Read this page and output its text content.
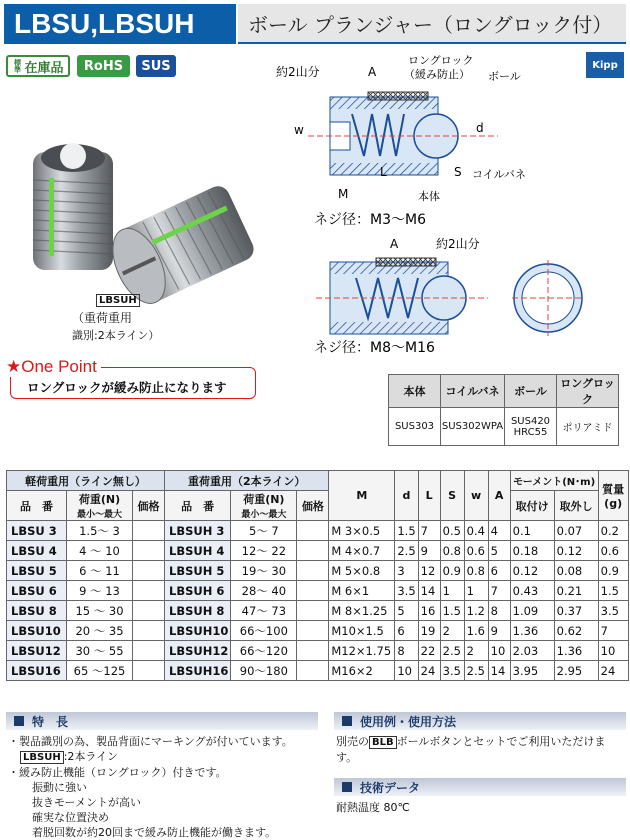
LBSU,LBSUH	ボール プランジャー（ロングロック付）
標準 在庫品 RoHS SUS	Kipp
LBSUH
（重荷重用
識別:2本ライン）
約2山分	A
ロングロック
（緩み防止） ボール
d
w
M
L	S
本体
コイルバネ
ネジ径：M3〜M6
A	約2山分
ネジ径：M8〜M16
ロングロックが緩み防止になります
★One Point
本体	コイルバネ	ボール	ロングロック
SUS303	SUS302WPA	SUS420 HRC55	ポリアミド
軽荷重用（ライン無し）			重荷重用（2本ライン）			M	d	L	S	w	A	モーメント(N･m)		質量
(g)
品　番	荷重(N)
最小〜最大	価格	品　番	荷重(N)
最小〜最大	価格							取付け	取外し	
LBSU 3	1.5〜 3		LBSUH 3	5〜 7		M 3×0.5	1.5	7	0.5	0.4	4	0.1	0.07	0.2
LBSU 4	4 〜 10		LBSUH 4	12〜 22		M 4×0.7	2.5	9	0.8	0.6	5	0.18	0.12	0.6
LBSU 5	6 〜 11		LBSUH 5	19〜 30		M 5×0.8	3	12	0.9	0.8	6	0.12	0.08	0.9
LBSU 6	9 〜 13		LBSUH 6	28〜 40		M 6×1	3.5	14	1	1	7	0.43	0.21	1.5
LBSU 8	15 〜 30		LBSUH 8	47〜 73		M 8×1.25	5	16	1.5	1.2	8	1.09	0.37	3.5
LBSU10	20 〜 35		LBSUH10	66〜100		M10×1.5	6	19	2	1.6	9	1.36	0.62	7
LBSU12	30 〜 55		LBSUH12	66〜120		M12×1.75	8	22	2.5	2	10	2.03	1.36	10
LBSU16	65 〜125		LBSUH16	90〜180		M16×2	10	24	3.5	2.5	14	3.95	2.95	24
特　長
・製品識別の為、製品背面にマーキングが付いています。
LBSUH :2本ライン
・緩み防止機能（ロングロック）付きです。
振動に強い
抜きモーメントが高い
確実な位置決め
着脱回数が約20回まで緩み防止機能が働きます。
使用例・使用方法
別売の BLB ボールボタンとセットでご利用いただけます。
技術データ
耐熱温度 80℃
